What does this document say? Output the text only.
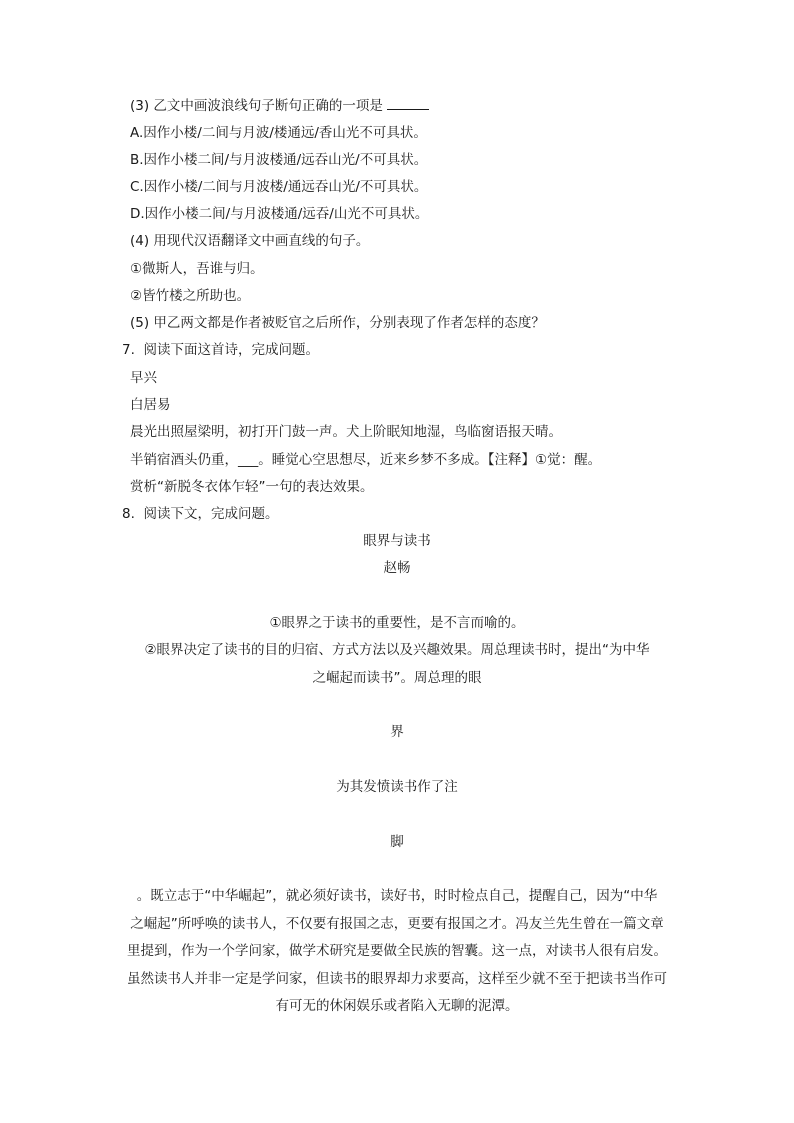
(3) 乙文中画波浪线句子断句正确的一项是
A.因作小楼/二间与月波/楼通远/香山光不可具状。
B.因作小楼二间/与月波楼通/远吞山光/不可具状。
C.因作小楼/二间与月波楼/通远吞山光/不可具状。
D.因作小楼二间/与月波楼通/远吞/山光不可具状。
(4) 用现代汉语翻译文中画直线的句子。
①微斯人，吾谁与归。
②皆竹楼之所助也。
(5) 甲乙两文都是作者被贬官之后所作，分别表现了作者怎样的态度？
7. 阅读下面这首诗，完成问题。
早兴
白居易
晨光出照屋梁明，初打开门鼓一声。犬上阶眠知地湿，鸟临窗语报天晴。
半销宿酒头仍重，___。睡觉心空思想尽，近来乡梦不多成。【注释】①觉：醒。
赏析“新脱冬衣体乍轻”一句的表达效果。
8. 阅读下文，完成问题。
眼界与读书
赵畅
①眼界之于读书的重要性，是不言而喻的。
②眼界决定了读书的目的归宿、方式方法以及兴趣效果。周总理读书时，提出“为中华
之崛起而读书”。周总理的眼
界
为其发愤读书作了注
脚
。既立志于“中华崛起”，就必须好读书，读好书，时时检点自己，提醒自己，因为“中华
之崛起”所呼唤的读书人，不仅要有报国之志，更要有报国之才。冯友兰先生曾在一篇文章
里提到，作为一个学问家，做学术研究是要做全民族的智囊。这一点，对读书人很有启发。
虽然读书人并非一定是学问家，但读书的眼界却力求要高，这样至少就不至于把读书当作可
有可无的休闲娱乐或者陷入无聊的泥潭。
